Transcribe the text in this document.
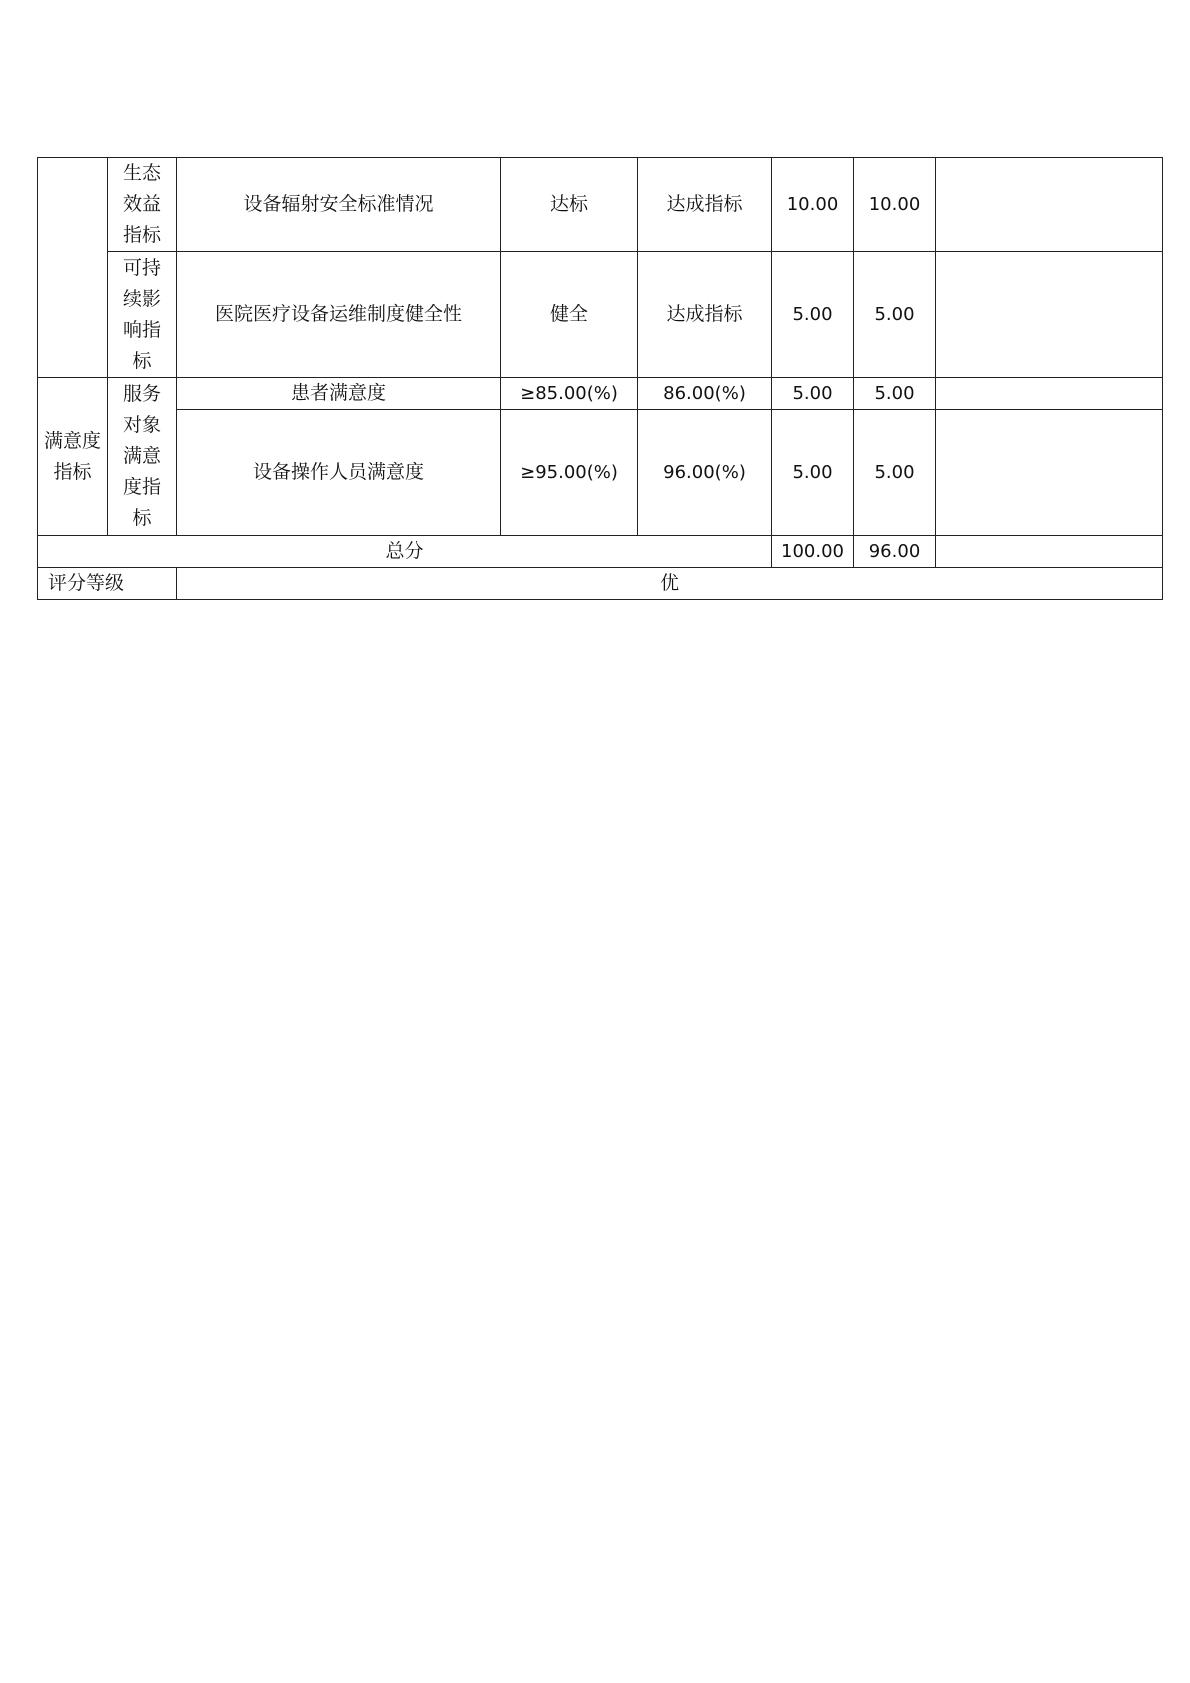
	生态效益指标	设备辐射安全标准情况	达标	达成指标	10.00	10.00	
	可持续影响指标	医院医疗设备运维制度健全性	健全	达成指标	5.00	5.00	
满意度指标	服务对象满意度指标	患者满意度	≥85.00(%)	86.00(%)	5.00	5.00	
		设备操作人员满意度	≥95.00(%)	96.00(%)	5.00	5.00	
总分					100.00	96.00	
评分等级		优					
